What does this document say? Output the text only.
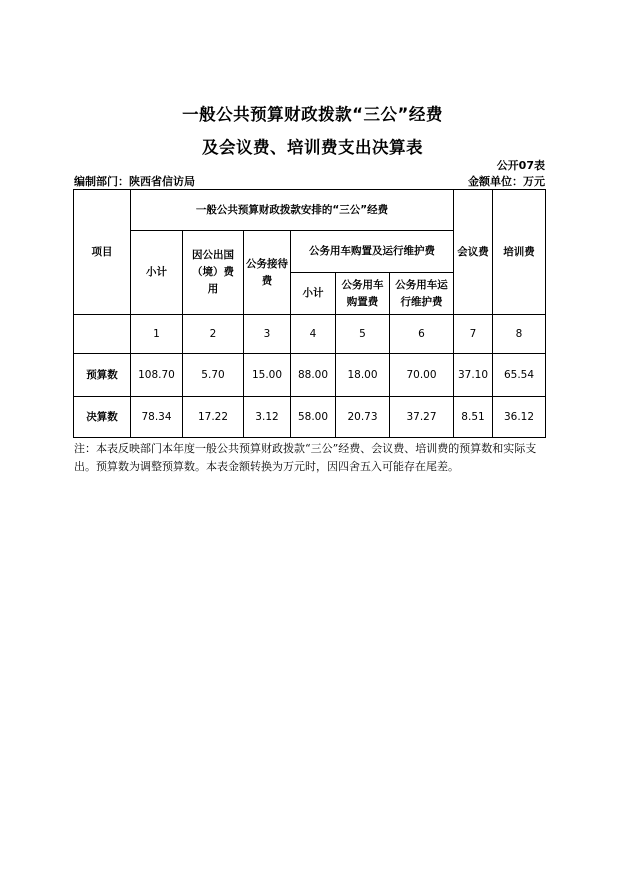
一般公共预算财政拨款“三公”经费
及会议费、培训费支出决算表
公开07表
编制部门：陕西省信访局	金额单位：万元
项目	一般公共预算财政拨款安排的“三公”经费						会议费	培训费
	小计	因公出国（境）费用	公务接待费	公务用车购置及运行维护费				
				小计	公务用车购置费	公务用车运行维护费		
	1	2	3	4	5	6	7	8
预算数	108.70	5.70	15.00	88.00	18.00	70.00	37.10	65.54
决算数	78.34	17.22	3.12	58.00	20.73	37.27	8.51	36.12
注：本表反映部门本年度一般公共预算财政拨款“三公”经费、会议费、培训费的预算数和实际支出。预算数为调整预算数。本表金额转换为万元时，因四舍五入可能存在尾差。
